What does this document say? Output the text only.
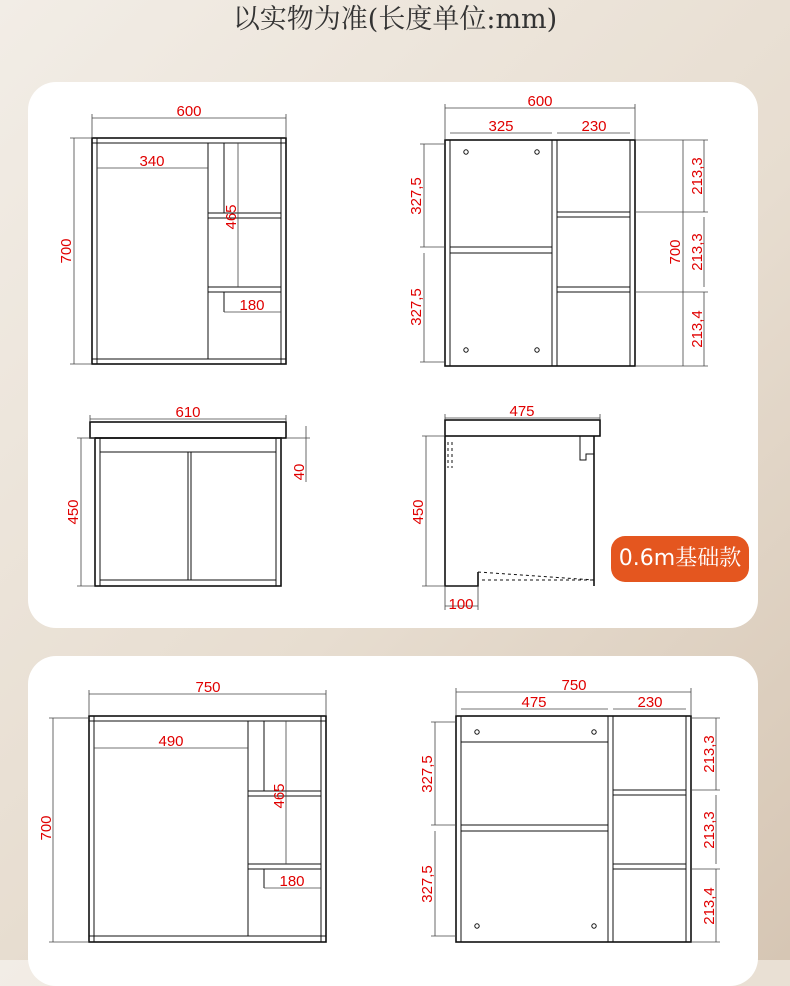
以实物为准(长度单位:mm)
600
700
340
465
180
600
325	230
327,5
327,5
700
213,3
213,3
213,4
610
450
40
475
450
100
0.6m基础款
750
700
490
465
180
750
475	230
327,5
327,5
213,3
213,3
213,4
